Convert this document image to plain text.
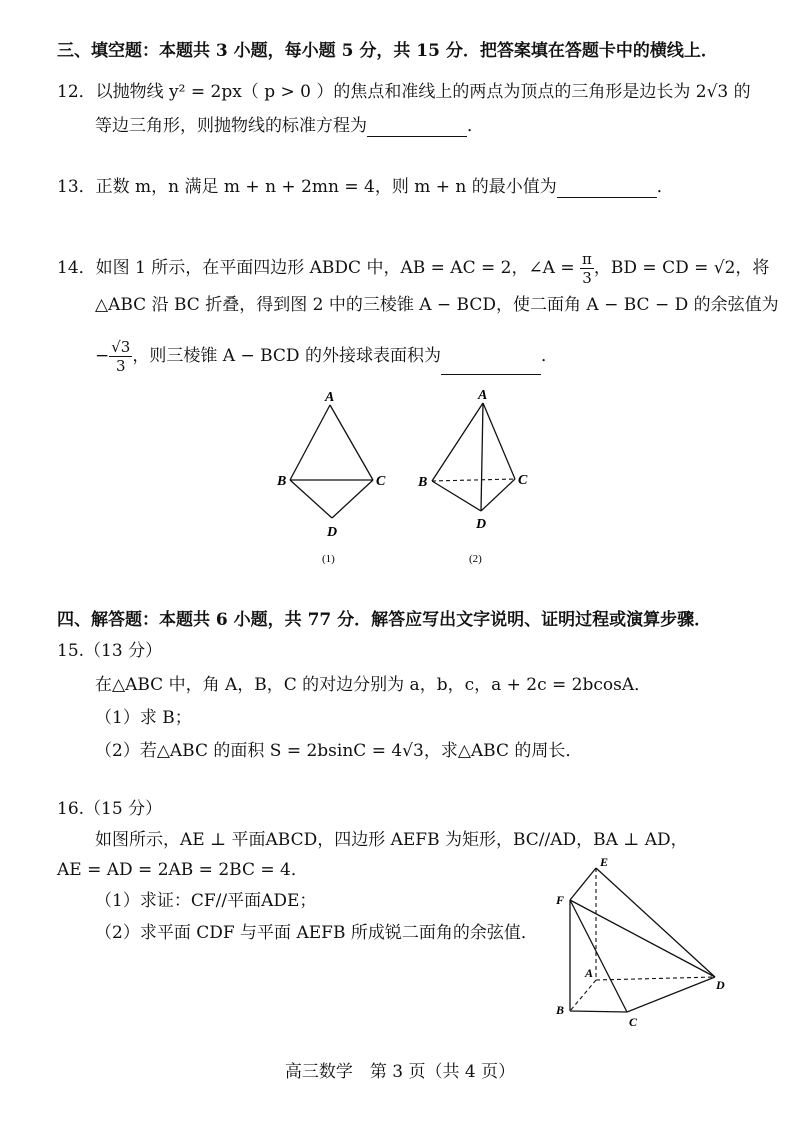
三、填空题：本题共 3 小题，每小题 5 分，共 15 分．把答案填在答题卡中的横线上．
12．以抛物线 y² = 2px（ p > 0 ）的焦点和准线上的两点为顶点的三角形是边长为 2√3 的
等边三角形，则抛物线的标准方程为	．
13．正数 m，n 满足 m + n + 2mn = 4，则 m + n 的最小值为	．
14．如图 1 所示，在平面四边形 ABDC 中，AB = AC = 2，∠A = $\frac{\pi}{3}$ ，BD = CD = √2，将
△ABC 沿 BC 折叠，得到图 2 中的三棱锥 A − BCD，使二面角 A − BC − D 的余弦值为
− $\frac{√3}{3}$ ，则三棱锥 A − BCD 的外接球表面积为	．
A
B	C
D
(1)
A
B	C
D
(2)
四、解答题：本题共 6 小题，共 77 分．解答应写出文字说明、证明过程或演算步骤．
15.（13 分）
在△ABC 中，角 A，B，C 的对边分别为 a，b，c，a + 2c = 2bcosA．
（1）求 B；
（2）若△ABC 的面积 S = 2bsinC = 4√3，求△ABC 的周长．
16.（15 分）
如图所示，AE ⊥ 平面ABCD，四边形 AEFB 为矩形，BC//AD，BA ⊥ AD，
AE = AD = 2AB = 2BC = 4．
（1）求证：CF//平面ADE；
（2）求平面 CDF 与平面 AEFB 所成锐二面角的余弦值．
E
F
A
B
C
D
高三数学　第 3 页（共 4 页）
